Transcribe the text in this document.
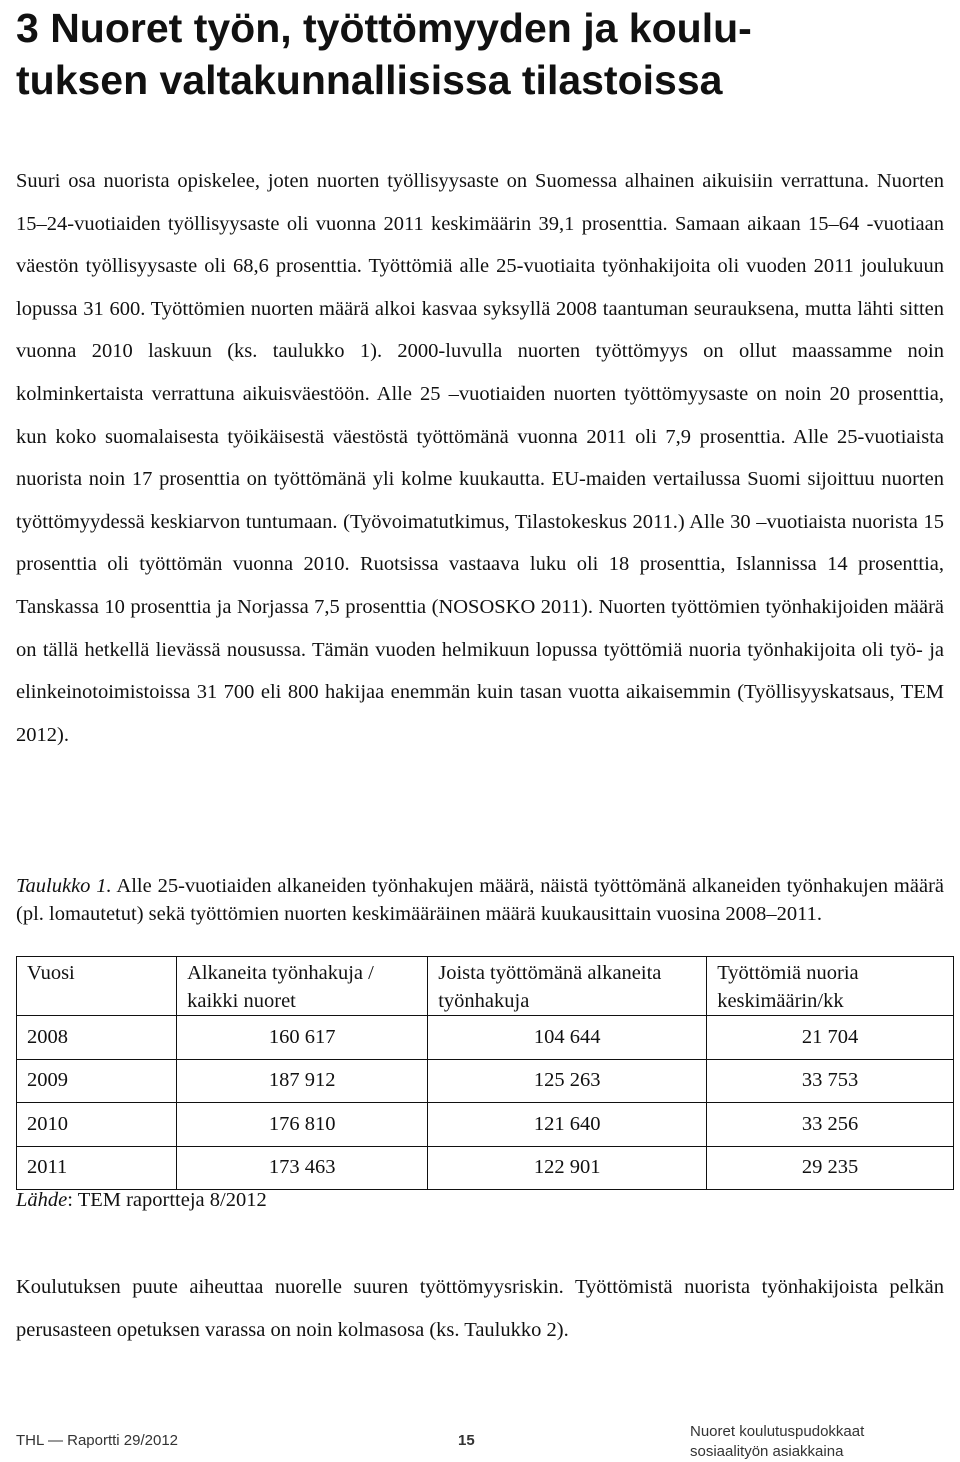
3 Nuoret työn, työttömyyden ja koulu-
tuksen valtakunnallisissa tilastoissa

Suuri osa nuorista opiskelee, joten nuorten työllisyysaste on Suomessa alhainen aikuisiin verrattuna. Nuorten 15–24-vuotiaiden työllisyysaste oli vuonna 2011 keskimäärin 39,1 prosenttia. Samaan aikaan 15–64 -vuotiaan väestön työllisyysaste oli 68,6 prosenttia. Työttömiä alle 25-vuotiaita työnhakijoita oli vuoden 2011 joulukuun lopussa 31 600. Työttömien nuorten määrä alkoi kasvaa syksyllä 2008 taantuman seurauksena, mutta lähti sitten vuonna 2010 laskuun (ks. taulukko 1). 2000-luvulla nuorten työttömyys on ollut maassamme noin kolminkertaista verrattuna aikuisväestöön. Alle 25 –vuotiaiden nuorten työttömyysaste on noin 20 prosenttia, kun koko suomalaisesta työikäisestä väestöstä työttömänä vuonna 2011 oli 7,9 prosenttia. Alle 25-vuotiaista nuorista noin 17 prosenttia on työttömänä yli kolme kuukautta. EU-maiden vertailussa Suomi sijoittuu nuorten työttömyydessä keskiarvon tuntumaan. (Työvoimatutkimus, Tilastokeskus 2011.) Alle 30 –vuotiaista nuorista 15 prosenttia oli työttömän vuonna 2010. Ruotsissa vastaava luku oli 18 prosenttia, Islannissa 14 prosenttia, Tanskassa 10 prosenttia ja Norjassa 7,5 prosenttia (NOSOSKO 2011). Nuorten työttömien työnhakijoiden määrä on tällä hetkellä lievässä nousussa. Tämän vuoden helmikuun lopussa työttömiä nuoria työnhakijoita oli työ- ja elinkeinotoimistoissa 31 700 eli 800 hakijaa enemmän kuin tasan vuotta aikaisemmin (Työllisyyskatsaus, TEM 2012).

Taulukko 1. Alle 25-vuotiaiden alkaneiden työnhakujen määrä, näistä työttömänä alkaneiden työnhakujen määrä (pl. lomautetut) sekä työttömien nuorten keskimääräinen määrä kuukausittain vuosina 2008–2011.

Vuosi	Alkaneita työnhakuja / kaikki nuoret	Joista työttömänä alkaneita työnhakuja	Työttömiä nuoria keskimäärin/kk
2008	160 617	104 644	21 704
2009	187 912	125 263	33 753
2010	176 810	121 640	33 256
2011	173 463	122 901	29 235

Lähde: TEM raportteja 8/2012

Koulutuksen puute aiheuttaa nuorelle suuren työttömyysriskin. Työttömistä nuorista työnhakijoista pelkän perusasteen opetuksen varassa on noin kolmasosa (ks. Taulukko 2).

THL — Raportti 29/2012	15
Nuoret koulutuspudokkaat
sosiaalityön asiakkaina
